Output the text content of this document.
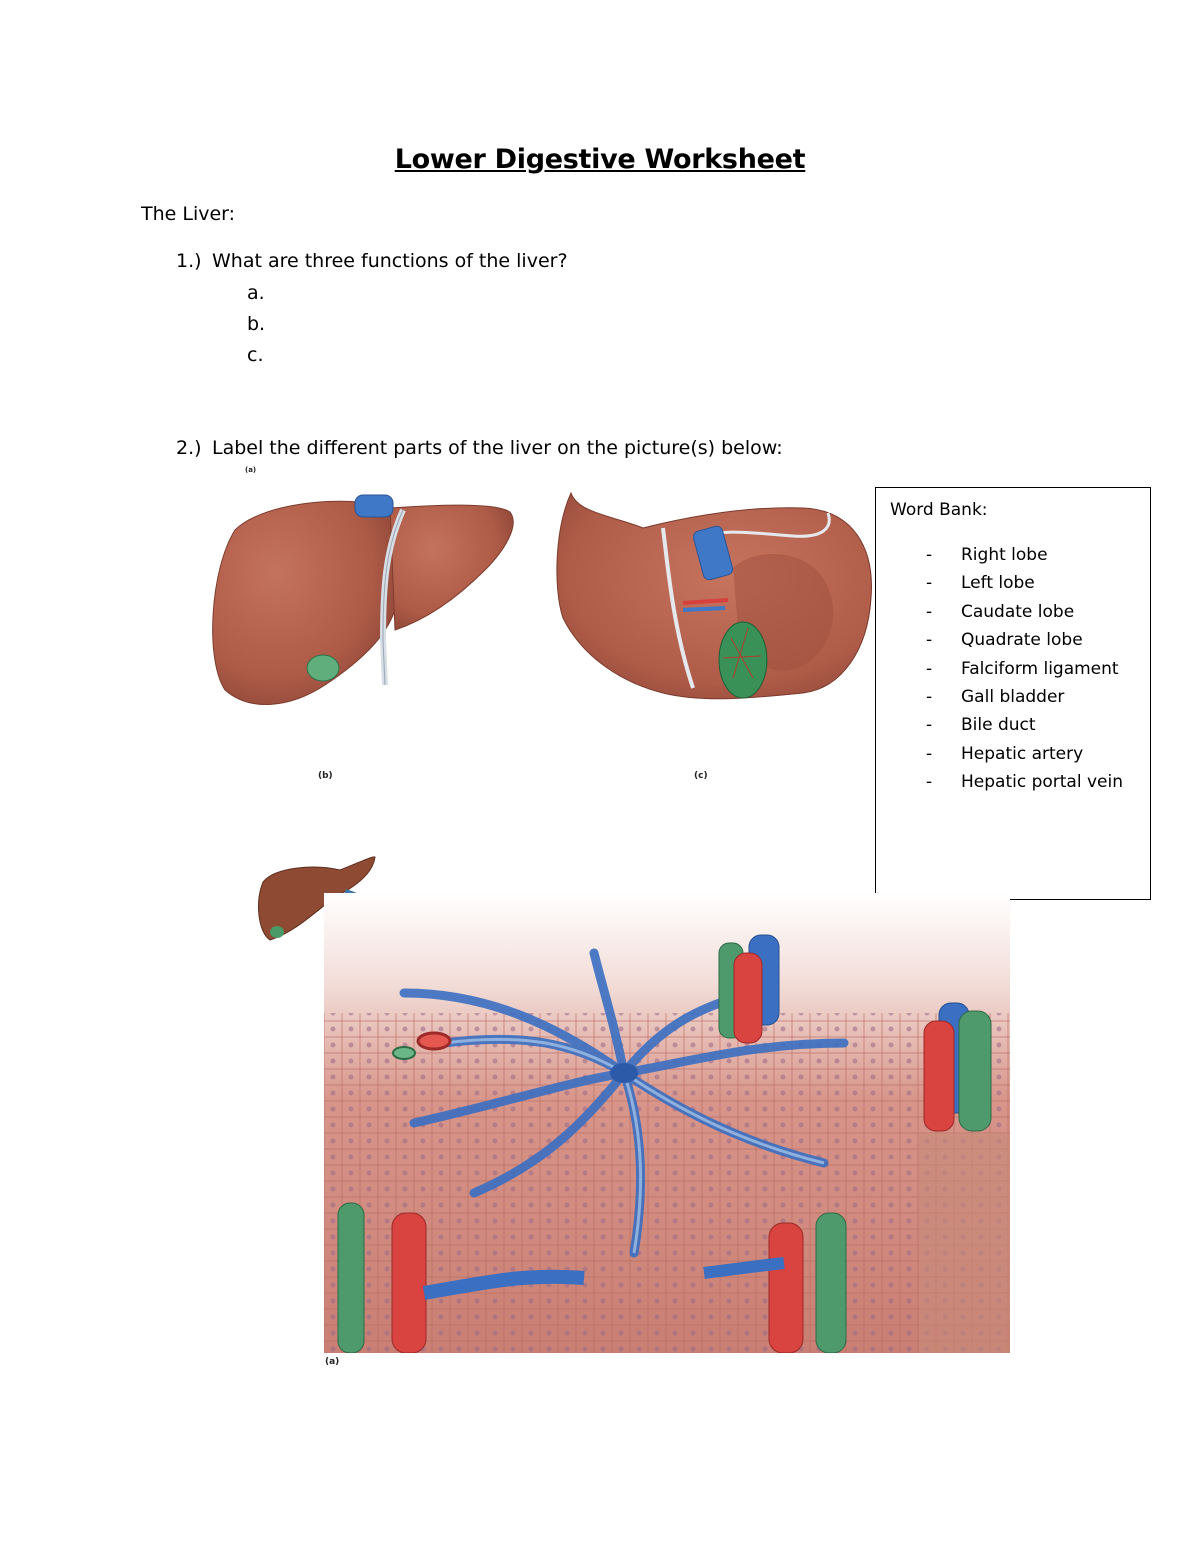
Lower Digestive Worksheet
The Liver:
1.) What are three functions of the liver?
a.
b.
c.
2.) Label the different parts of the liver on the picture(s) below:
(a)
(b)	(c)
Word Bank:
- Right lobe
- Left lobe
- Caudate lobe
- Quadrate lobe
- Falciform ligament
- Gall bladder
- Bile duct
- Hepatic artery
- Hepatic portal vein
(a)
